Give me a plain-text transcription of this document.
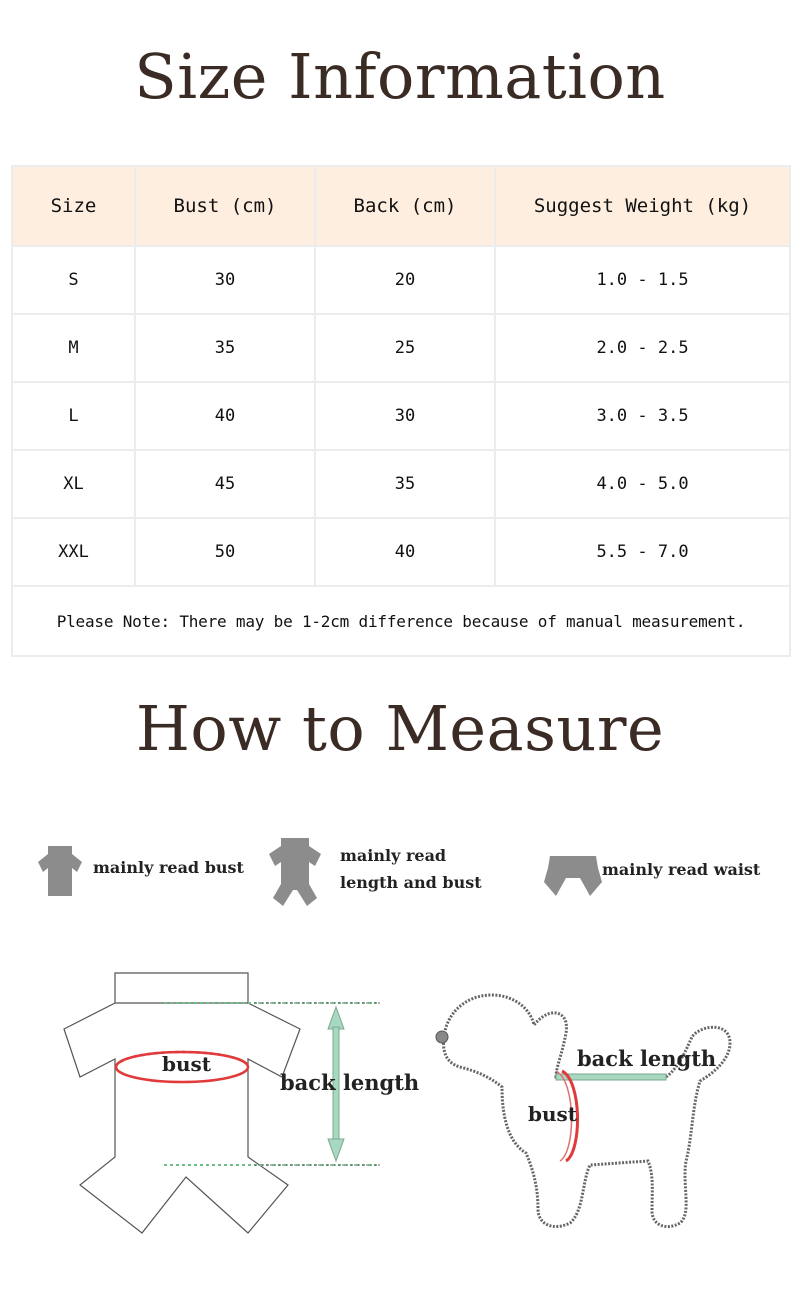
Size Information
Size	Bust (cm)	Back (cm)	Suggest Weight (kg)
S	30	20	1.0 - 1.5
M	35	25	2.0 - 2.5
L	40	30	3.0 - 3.5
XL	45	35	4.0 - 5.0
XXL	50	40	5.5 - 7.0
Please Note: There may be 1-2cm difference because of manual measurement.			
How to Measure
mainly read bust
mainly read
length and bust
mainly read waist
bust
back length
back length
bust
